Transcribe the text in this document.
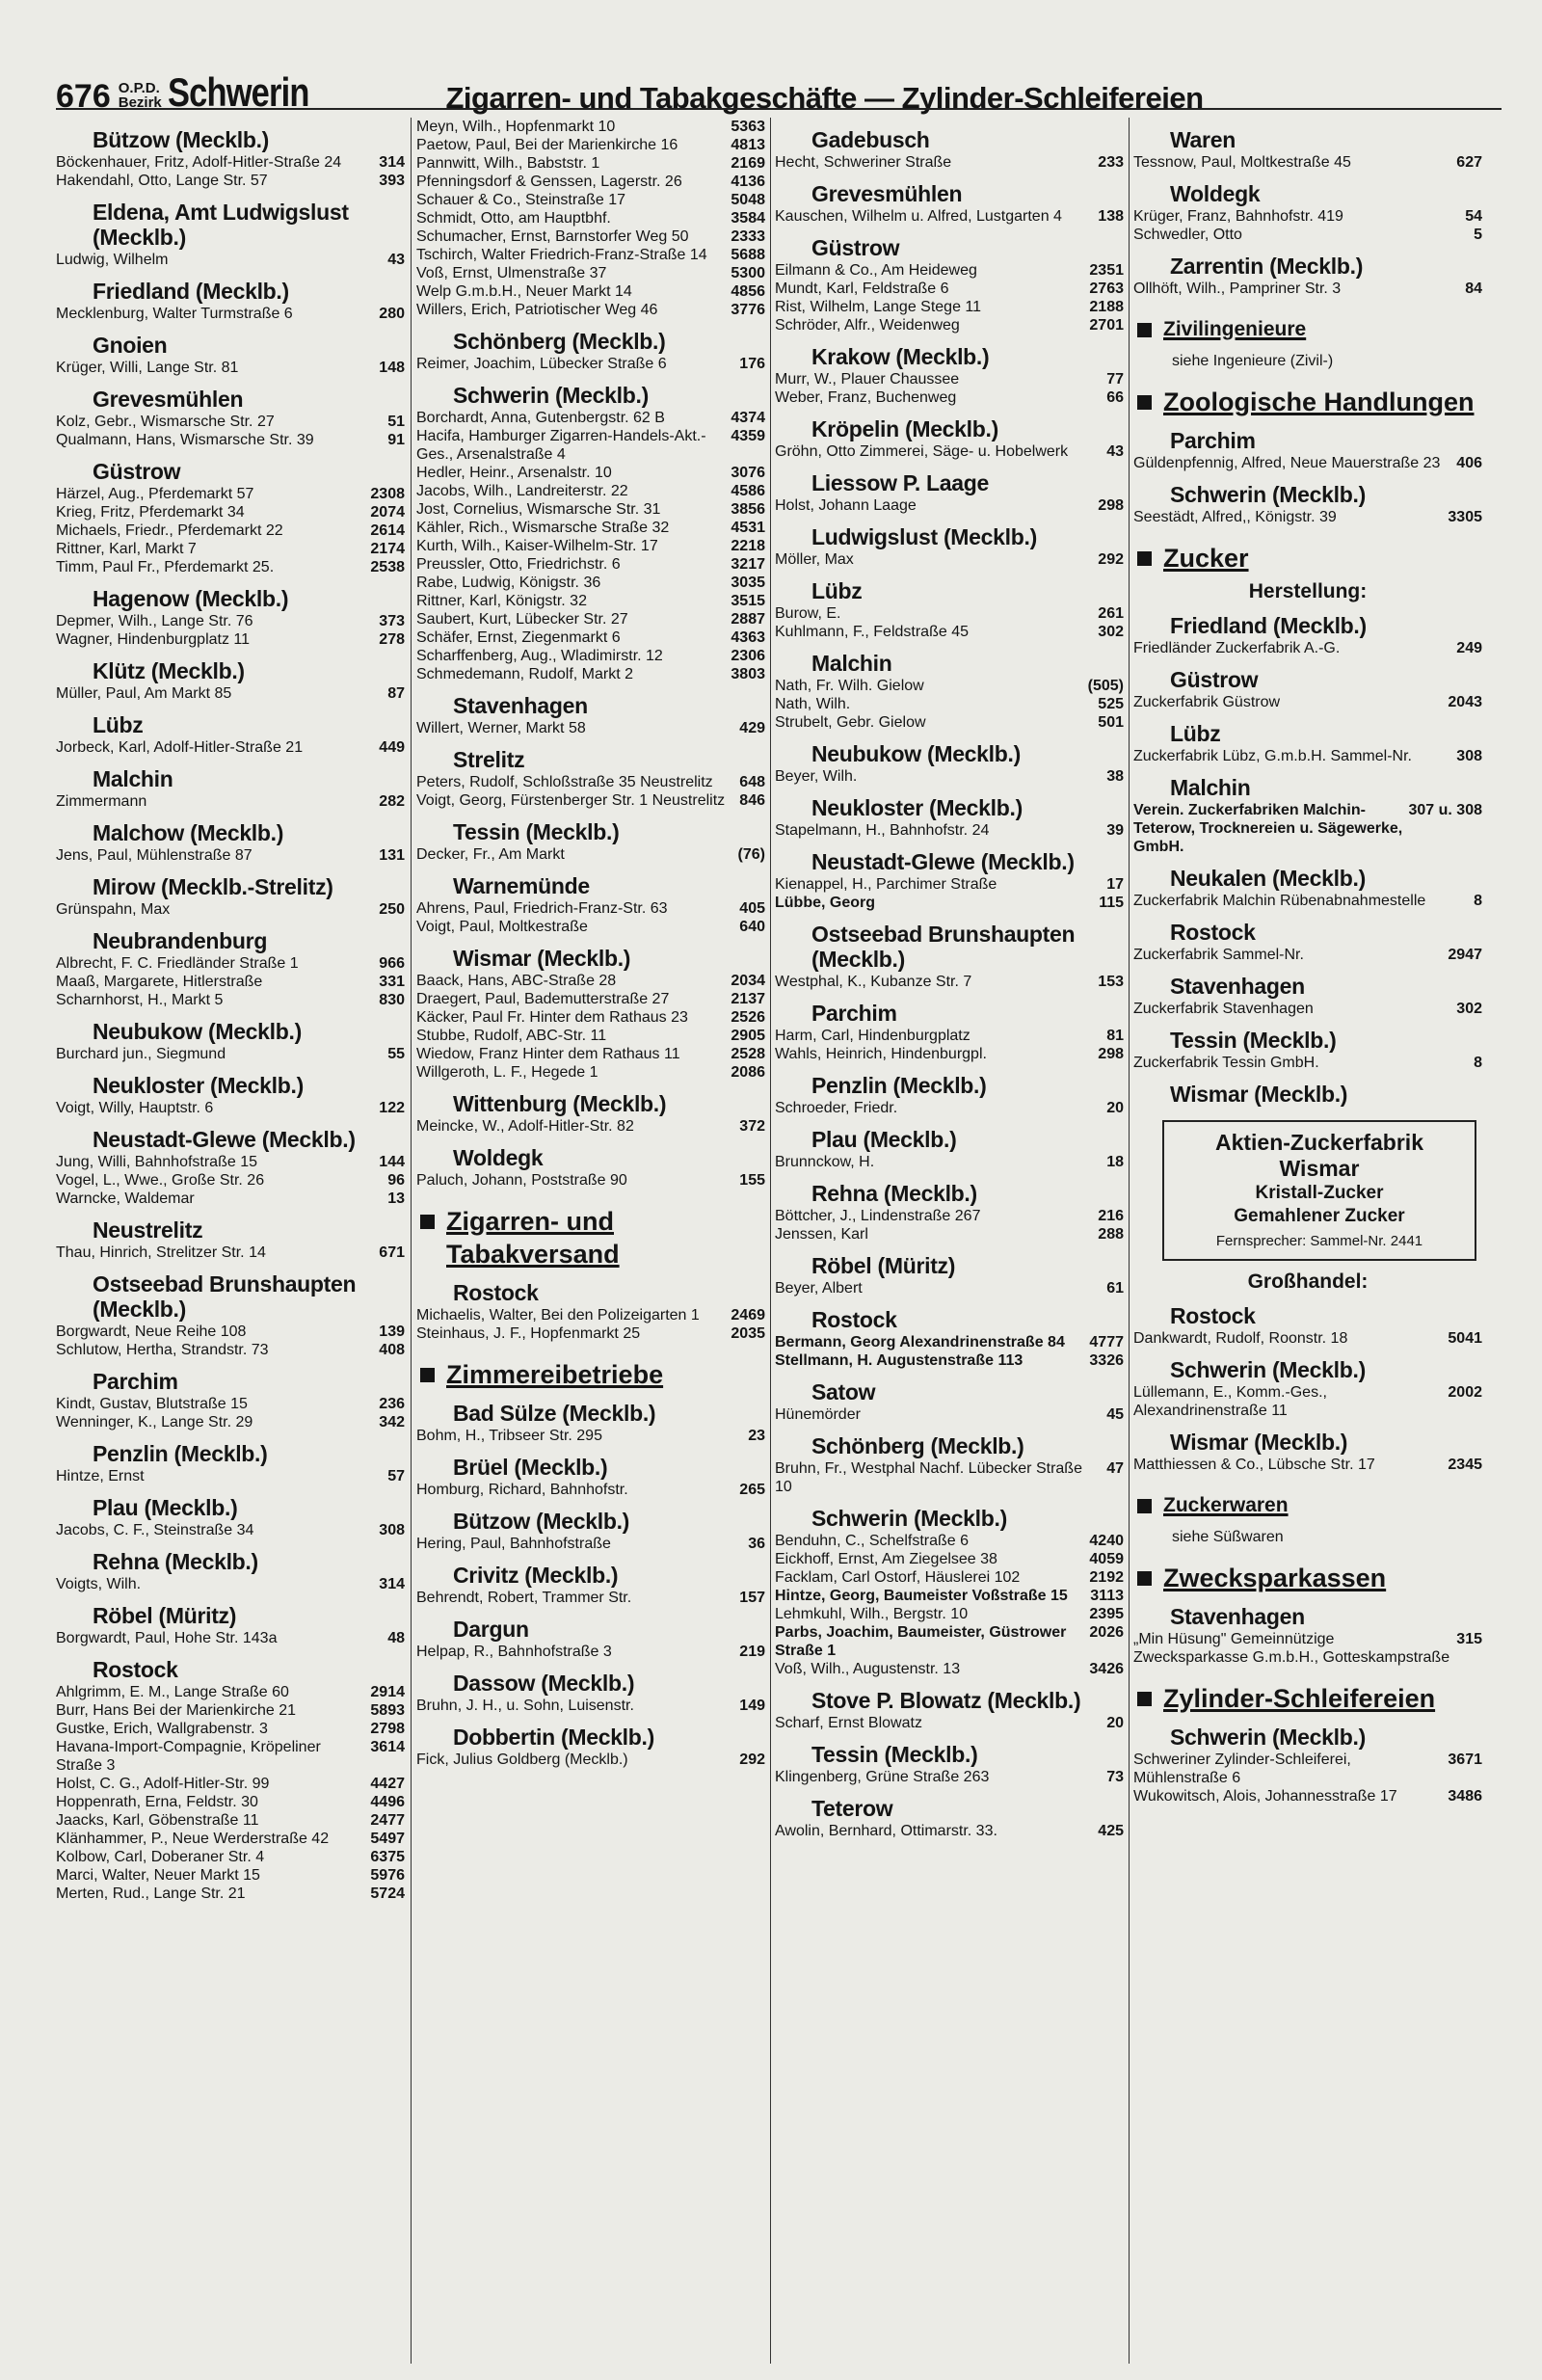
676 O.P.D.
Bezirk Schwerin	Zigarren- und Tabakgeschäfte — Zylinder-Schleifereien
Bützow (Mecklb.)
Böckenhauer, Fritz, Adolf-Hitler-Straße 24	314
Hakendahl, Otto, Lange Str. 57	393
Eldena, Amt Ludwigslust (Mecklb.)
Ludwig, Wilhelm	43
Friedland (Mecklb.)
Mecklenburg, Walter Turmstraße 6	280
Gnoien
Krüger, Willi, Lange Str. 81	148
Grevesmühlen
Kolz, Gebr., Wismarsche Str. 27	51
Qualmann, Hans, Wismarsche Str. 39	91
Güstrow
Härzel, Aug., Pferdemarkt 57	2308
Krieg, Fritz, Pferdemarkt 34	2074
Michaels, Friedr., Pferdemarkt 22	2614
Rittner, Karl, Markt 7	2174
Timm, Paul Fr., Pferdemarkt 25.	2538
Hagenow (Mecklb.)
Depmer, Wilh., Lange Str. 76	373
Wagner, Hindenburgplatz 11	278
Klütz (Mecklb.)
Müller, Paul, Am Markt 85	87
Lübz
Jorbeck, Karl, Adolf-Hitler-Straße 21	449
Malchin
Zimmermann	282
Malchow (Mecklb.)
Jens, Paul, Mühlenstraße 87	131
Mirow (Mecklb.-Strelitz)
Grünspahn, Max	250
Neubrandenburg
Albrecht, F. C. Friedländer Straße 1	966
Maaß, Margarete, Hitlerstraße	331
Scharnhorst, H., Markt 5	830
Neubukow (Mecklb.)
Burchard jun., Siegmund	55
Neukloster (Mecklb.)
Voigt, Willy, Hauptstr. 6	122
Neustadt-Glewe (Mecklb.)
Jung, Willi, Bahnhofstraße 15	144
Vogel, L., Wwe., Große Str. 26	96
Warncke, Waldemar	13
Neustrelitz
Thau, Hinrich, Strelitzer Str. 14	671
Ostseebad Brunshaupten (Mecklb.)
Borgwardt, Neue Reihe 108	139
Schlutow, Hertha, Strandstr. 73	408
Parchim
Kindt, Gustav, Blutstraße 15	236
Wenninger, K., Lange Str. 29	342
Penzlin (Mecklb.)
Hintze, Ernst	57
Plau (Mecklb.)
Jacobs, C. F., Steinstraße 34	308
Rehna (Mecklb.)
Voigts, Wilh.	314
Röbel (Müritz)
Borgwardt, Paul, Hohe Str. 143a	48
Rostock
Ahlgrimm, E. M., Lange Straße 60	2914
Burr, Hans Bei der Marienkirche 21	5893
Gustke, Erich, Wallgrabenstr. 3	2798
Havana-Import-Compagnie, Kröpeliner Straße 3
3614
Holst, C. G., Adolf-Hitler-Str. 99	4427
Hoppenrath, Erna, Feldstr. 30	4496
Jaacks, Karl, Göbenstraße 11	2477
Klänhammer, P., Neue Werderstraße 42	5497
Kolbow, Carl, Doberaner Str. 4	6375
Marci, Walter, Neuer Markt 15	5976
Merten, Rud., Lange Str. 21	5724
Meyn, Wilh., Hopfenmarkt 10	5363
Paetow, Paul, Bei der Marienkirche 16	4813
Pannwitt, Wilh., Babststr. 1	2169
Pfenningsdorf & Genssen, Lagerstr. 26	4136
Schauer & Co., Steinstraße 17	5048
Schmidt, Otto, am Hauptbhf.	3584
Schumacher, Ernst, Barnstorfer Weg 50	2333
Tschirch, Walter Friedrich-Franz-Straße 14	5688
Voß, Ernst, Ulmenstraße 37	5300
Welp G.m.b.H., Neuer Markt 14	4856
Willers, Erich, Patriotischer Weg 46	3776
Schönberg (Mecklb.)
Reimer, Joachim, Lübecker Straße 6	176
Schwerin (Mecklb.)
Borchardt, Anna, Gutenbergstr. 62 B	4374
Hacifa, Hamburger Zigarren-Handels-Akt.-Ges., Arsenalstraße 4
4359
Hedler, Heinr., Arsenalstr. 10	3076
Jacobs, Wilh., Landreiterstr. 22	4586
Jost, Cornelius, Wismarsche Str. 31	3856
Kähler, Rich., Wismarsche Straße 32	4531
Kurth, Wilh., Kaiser-Wilhelm-Str. 17	2218
Preussler, Otto, Friedrichstr. 6	3217
Rabe, Ludwig, Königstr. 36	3035
Rittner, Karl, Königstr. 32	3515
Saubert, Kurt, Lübecker Str. 27	2887
Schäfer, Ernst, Ziegenmarkt 6	4363
Scharffenberg, Aug., Wladimirstr. 12	2306
Schmedemann, Rudolf, Markt 2	3803
Stavenhagen
Willert, Werner, Markt 58	429
Strelitz
Peters, Rudolf, Schloßstraße 35 Neustrelitz	648
Voigt, Georg, Fürstenberger Str. 1 Neustrelitz 846
Tessin (Mecklb.)
Decker, Fr., Am Markt	(76)
Warnemünde
Ahrens, Paul, Friedrich-Franz-Str. 63	405
Voigt, Paul, Moltkestraße	640
Wismar (Mecklb.)
Baack, Hans, ABC-Straße 28	2034
Draegert, Paul, Bademutterstraße 27	2137
Käcker, Paul Fr. Hinter dem Rathaus 23	2526
Stubbe, Rudolf, ABC-Str. 11	2905
Wiedow, Franz Hinter dem Rathaus 11	2528
Willgeroth, L. F., Hegede 1	2086
Wittenburg (Mecklb.)
Meincke, W., Adolf-Hitler-Str. 82	372
Woldegk
Paluch, Johann, Poststraße 90	155
Zigarren- und Tabakversand
Rostock
Michaelis, Walter, Bei den Polizeigarten 1	2469
Steinhaus, J. F., Hopfenmarkt 25	2035
Zimmereibetriebe
Bad Sülze (Mecklb.)
Bohm, H., Tribseer Str. 295	23
Brüel (Mecklb.)
Homburg, Richard, Bahnhofstr.	265
Bützow (Mecklb.)
Hering, Paul, Bahnhofstraße	36
Crivitz (Mecklb.)
Behrendt, Robert, Trammer Str.	157
Dargun
Helpap, R., Bahnhofstraße 3	219
Dassow (Mecklb.)
Bruhn, J. H., u. Sohn, Luisenstr.	149
Dobbertin (Mecklb.)
Fick, Julius Goldberg (Mecklb.)	292
Gadebusch
Hecht, Schweriner Straße	233
Grevesmühlen
Kauschen, Wilhelm u. Alfred, Lustgarten 4	138
Güstrow
Eilmann & Co., Am Heideweg	2351
Mundt, Karl, Feldstraße 6	2763
Rist, Wilhelm, Lange Stege 11	2188
Schröder, Alfr., Weidenweg	2701
Krakow (Mecklb.)
Murr, W., Plauer Chaussee	77
Weber, Franz, Buchenweg	66
Kröpelin (Mecklb.)
Gröhn, Otto Zimmerei, Säge- u. Hobelwerk	43
Liessow P. Laage
Holst, Johann Laage	298
Ludwigslust (Mecklb.)
Möller, Max	292
Lübz
Burow, E.	261
Kuhlmann, F., Feldstraße 45	302
Malchin
Nath, Fr. Wilh. Gielow	(505)
Nath, Wilh.	525
Strubelt, Gebr. Gielow	501
Neubukow (Mecklb.)
Beyer, Wilh.	38
Neukloster (Mecklb.)
Stapelmann, H., Bahnhofstr. 24	39
Neustadt-Glewe (Mecklb.)
Kienappel, H., Parchimer Straße	17
Lübbe, Georg	115
Ostseebad Brunshaupten (Mecklb.)
Westphal, K., Kubanze Str. 7	153
Parchim
Harm, Carl, Hindenburgplatz	81
Wahls, Heinrich, Hindenburgpl.	298
Penzlin (Mecklb.)
Schroeder, Friedr.	20
Plau (Mecklb.)
Brunnckow, H.	18
Rehna (Mecklb.)
Böttcher, J., Lindenstraße 267	216
Jenssen, Karl	288
Röbel (Müritz)
Beyer, Albert	61
Rostock
Bermann, Georg Alexandrinenstraße 84	4777
Stellmann, H. Augustenstraße 113	3326
Satow
Hünemörder	45
Schönberg (Mecklb.)
Bruhn, Fr., Westphal Nachf. Lübecker Straße 10
47
Schwerin (Mecklb.)
Benduhn, C., Schelfstraße 6	4240
Eickhoff, Ernst, Am Ziegelsee 38	4059
Facklam, Carl Ostorf, Häuslerei 102	2192
Hintze, Georg, Baumeister Voßstraße 15	3113
Lehmkuhl, Wilh., Bergstr. 10	2395
Parbs, Joachim, Baumeister, Güstrower Straße 1
2026
Voß, Wilh., Augustenstr. 13	3426
Stove P. Blowatz (Mecklb.)
Scharf, Ernst Blowatz	20
Tessin (Mecklb.)
Klingenberg, Grüne Straße 263	73
Teterow
Awolin, Bernhard, Ottimarstr. 33.	425
Waren
Tessnow, Paul, Moltkestraße 45	627
Woldegk
Krüger, Franz, Bahnhofstr. 419	54
Schwedler, Otto	5
Zarrentin (Mecklb.)
Ollhöft, Wilh., Pampriner Str. 3	84
Zivilingenieure
siehe Ingenieure (Zivil-)
Zoologische Handlungen
Parchim
Güldenpfennig, Alfred, Neue Mauerstraße 23	406
Schwerin (Mecklb.)
Seestädt, Alfred,, Königstr. 39	3305
Zucker
Herstellung:
Friedland (Mecklb.)
Friedländer Zuckerfabrik A.-G.	249
Güstrow
Zuckerfabrik Güstrow	2043
Lübz
Zuckerfabrik Lübz, G.m.b.H. Sammel-Nr.	308
Malchin
Verein. Zuckerfabriken Malchin-Teterow, Trocknereien u. Sägewerke, GmbH.
307 u. 308
Neukalen (Mecklb.)
Zuckerfabrik Malchin Rübenabnahmestelle	8
Rostock
Zuckerfabrik Sammel-Nr.	2947
Stavenhagen
Zuckerfabrik Stavenhagen	302
Tessin (Mecklb.)
Zuckerfabrik Tessin GmbH.	8
Wismar (Mecklb.)
Aktien-Zuckerfabrik Wismar
Kristall-Zucker
Gemahlener Zucker
Fernsprecher: Sammel-Nr. 2441
Großhandel:
Rostock
Dankwardt, Rudolf, Roonstr. 18	5041
Schwerin (Mecklb.)
Lüllemann, E., Komm.-Ges., Alexandrinenstraße 11
2002
Wismar (Mecklb.)
Matthiessen & Co., Lübsche Str. 17	2345
Zuckerwaren
siehe Süßwaren
Zwecksparkassen
Stavenhagen
„Min Hüsung" Gemeinnützige Zwecksparkasse G.m.b.H., Gotteskampstraße
315
Zylinder-Schleifereien
Schwerin (Mecklb.)
Schweriner Zylinder-Schleiferei, Mühlenstraße 6
3671
Wukowitsch, Alois, Johannesstraße 17	3486
